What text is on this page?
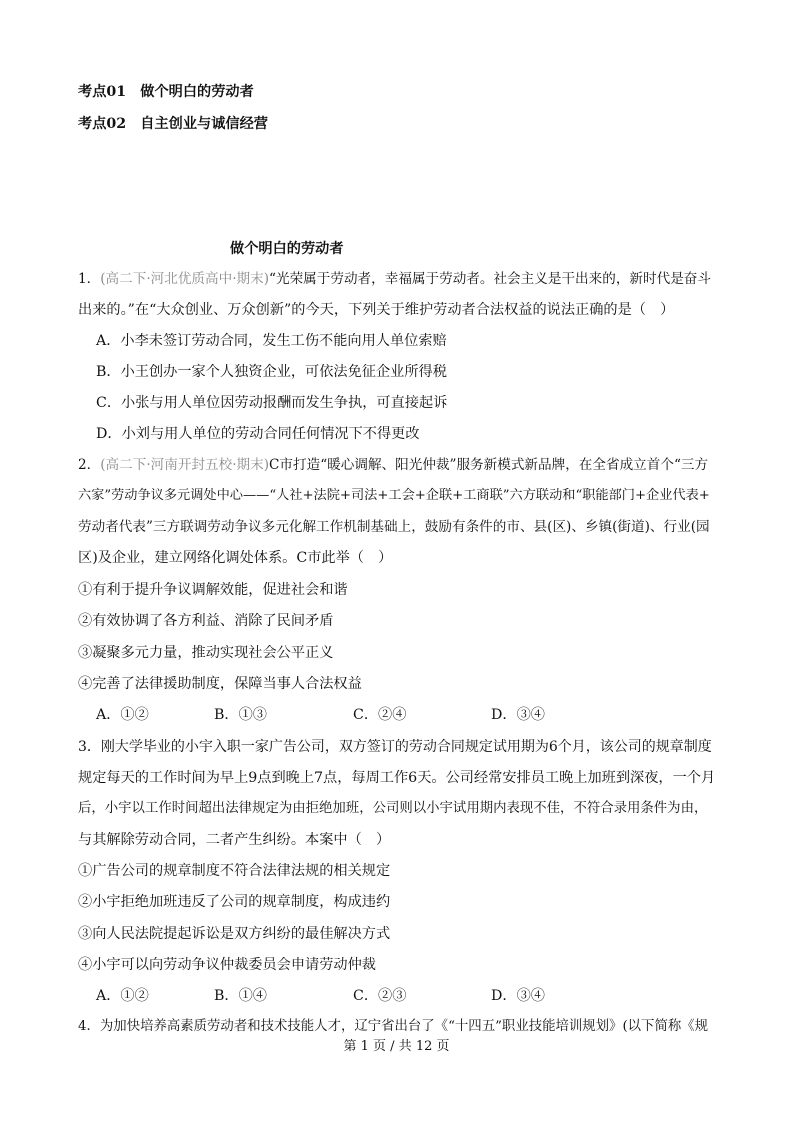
考点01　做个明白的劳动者
考点02　自主创业与诚信经营
做个明白的劳动者
1．(高二下·河北优质高中·期末)“光荣属于劳动者，幸福属于劳动者。社会主义是干出来的，新时代是奋斗
出来的。”在“大众创业、万众创新”的今天，下列关于维护劳动者合法权益的说法正确的是（　）
A．小李未签订劳动合同，发生工伤不能向用人单位索赔
B．小王创办一家个人独资企业，可依法免征企业所得税
C．小张与用人单位因劳动报酬而发生争执，可直接起诉
D．小刘与用人单位的劳动合同任何情况下不得更改
2．(高二下·河南开封五校·期末)C市打造“暖心调解、阳光仲裁”服务新模式新品牌，在全省成立首个“三方
六家”劳动争议多元调处中心——“人社+法院+司法+工会+企联+工商联”六方联动和“职能部门+企业代表+
劳动者代表”三方联调劳动争议多元化解工作机制基础上，鼓励有条件的市、县(区)、乡镇(街道)、行业(园
区)及企业，建立网络化调处体系。C市此举（　）
①有利于提升争议调解效能，促进社会和谐
②有效协调了各方利益、消除了民间矛盾
③凝聚多元力量，推动实现社会公平正义
④完善了法律援助制度，保障当事人合法权益
A．①②	B．①③	C．②④	D．③④
3．刚大学毕业的小宇入职一家广告公司，双方签订的劳动合同规定试用期为6个月，该公司的规章制度
规定每天的工作时间为早上9点到晚上7点，每周工作6天。公司经常安排员工晚上加班到深夜，一个月
后，小宇以工作时间超出法律规定为由拒绝加班，公司则以小宇试用期内表现不佳，不符合录用条件为由，
与其解除劳动合同，二者产生纠纷。本案中（　）
①广告公司的规章制度不符合法律法规的相关规定
②小宇拒绝加班违反了公司的规章制度，构成违约
③向人民法院提起诉讼是双方纠纷的最佳解决方式
④小宇可以向劳动争议仲裁委员会申请劳动仲裁
A．①②	B．①④	C．②③	D．③④
4．为加快培养高素质劳动者和技术技能人才，辽宁省出台了《“十四五”职业技能培训规划》(以下简称《规
第 1 页 / 共 12 页
